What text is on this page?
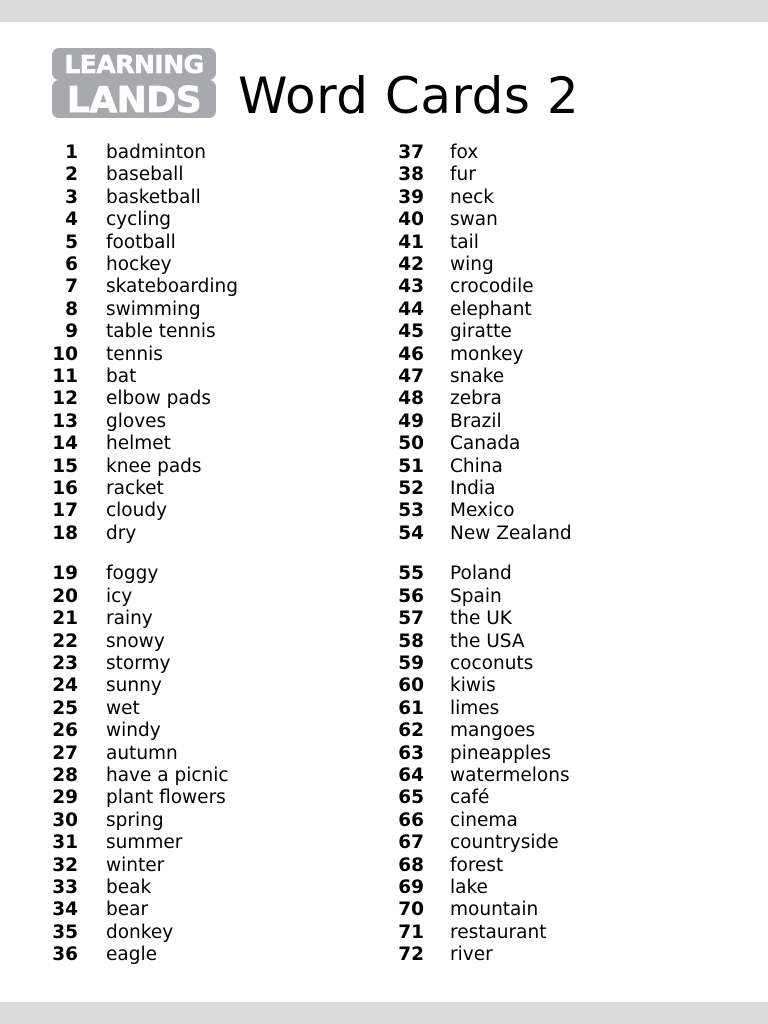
LEARNING
LANDS Word Cards 2
1 badminton
2 baseball
3 basketball
4 cycling
5 football
6 hockey
7 skateboarding
8 swimming
9 table tennis
10 tennis
11 bat
12 elbow pads
13 gloves
14 helmet
15 knee pads
16 racket
17 cloudy
18 dry
19 foggy
20 icy
21 rainy
22 snowy
23 stormy
24 sunny
25 wet
26 windy
27 autumn
28 have a picnic
29 plant flowers
30 spring
31 summer
32 winter
33 beak
34 bear
35 donkey
36 eagle
37 fox
38 fur
39 neck
40 swan
41 tail
42 wing
43 crocodile
44 elephant
45 giratte
46 monkey
47 snake
48 zebra
49 Brazil
50 Canada
51 China
52 India
53 Mexico
54 New Zealand
55 Poland
56 Spain
57 the UK
58 the USA
59 coconuts
60 kiwis
61 limes
62 mangoes
63 pineapples
64 watermelons
65 café
66 cinema
67 countryside
68 forest
69 lake
70 mountain
71 restaurant
72 river
